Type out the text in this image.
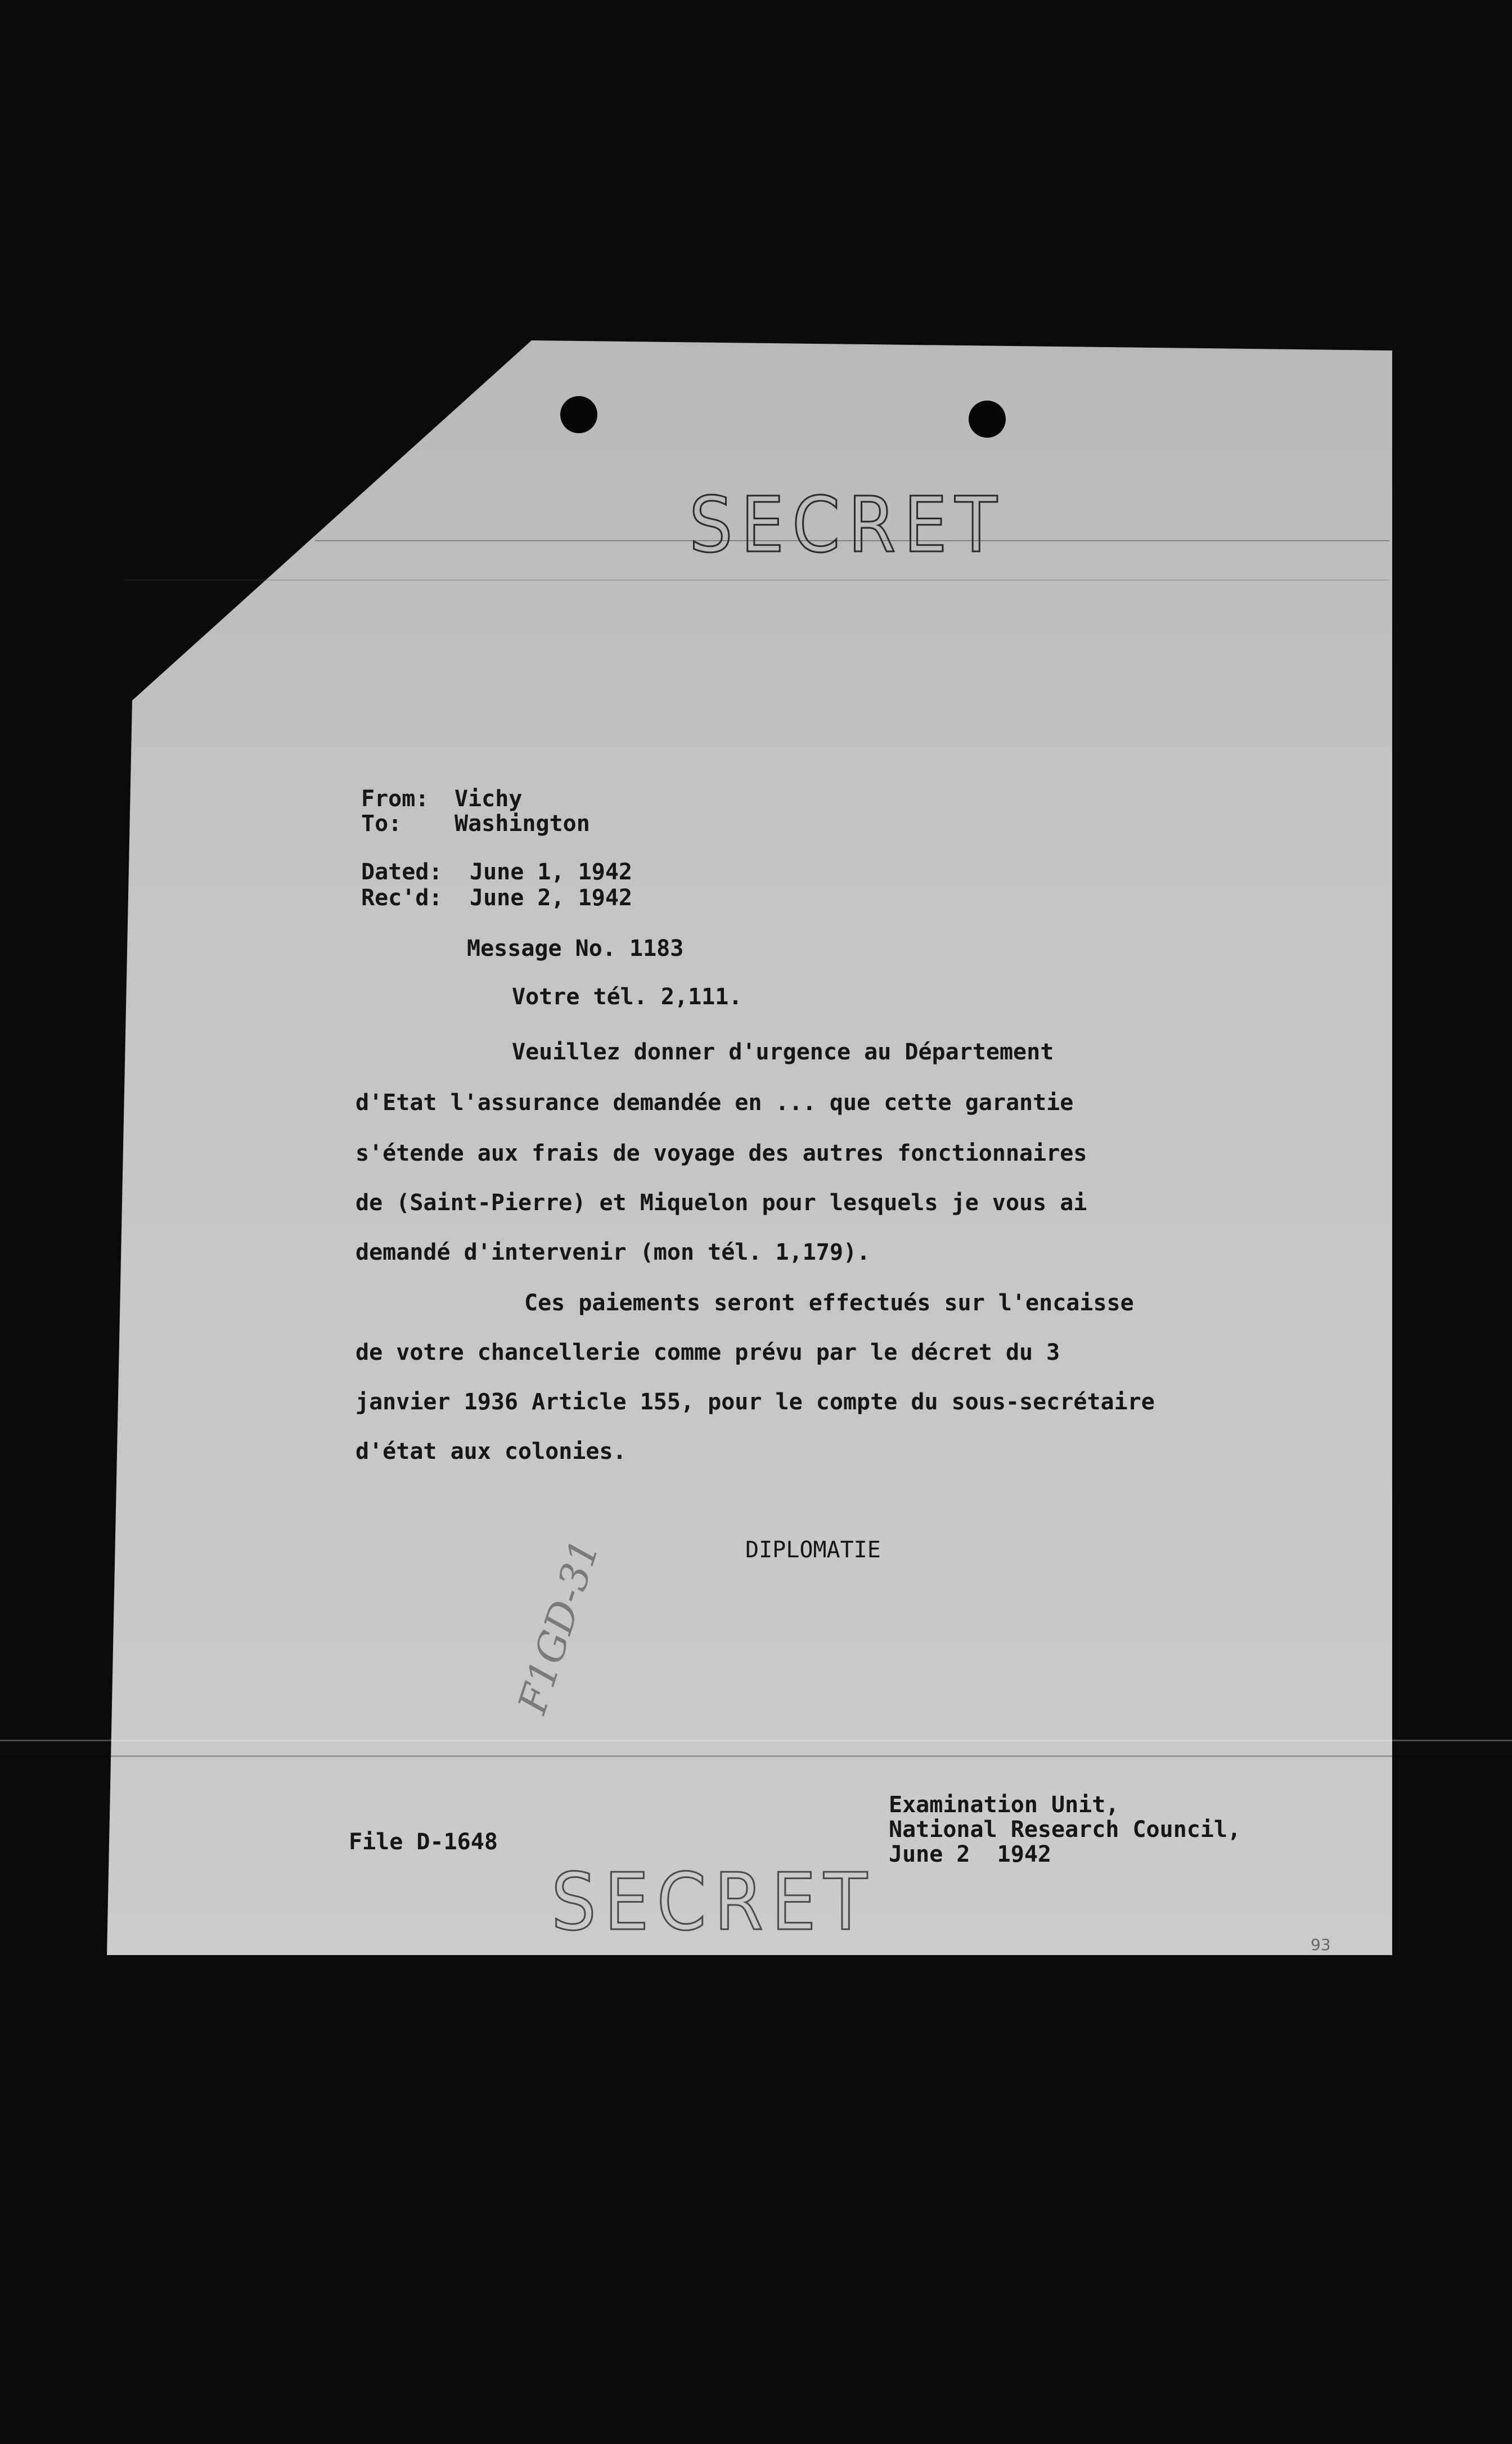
SECRET
From: Vichy
To: Washington
Dated: June 1, 1942
Rec'd: June 2, 1942
Message No. 1183
Votre tél. 2,111.
Veuillez donner d'urgence au Département
d'Etat l'assurance demandée en ... que cette garantie
s'étende aux frais de voyage des autres fonctionnaires
de (Saint-Pierre) et Miquelon pour lesquels je vous ai
demandé d'intervenir (mon tél. 1,179).
Ces paiements seront effectués sur l'encaisse
de votre chancellerie comme prévu par le décret du 3
janvier 1936 Article 155, pour le compte du sous-secrétaire
d'état aux colonies.
DIPLOMATIE
F1GD-31
File D-1648
Examination Unit,
National Research Council,
June 2  1942
SECRET	93
